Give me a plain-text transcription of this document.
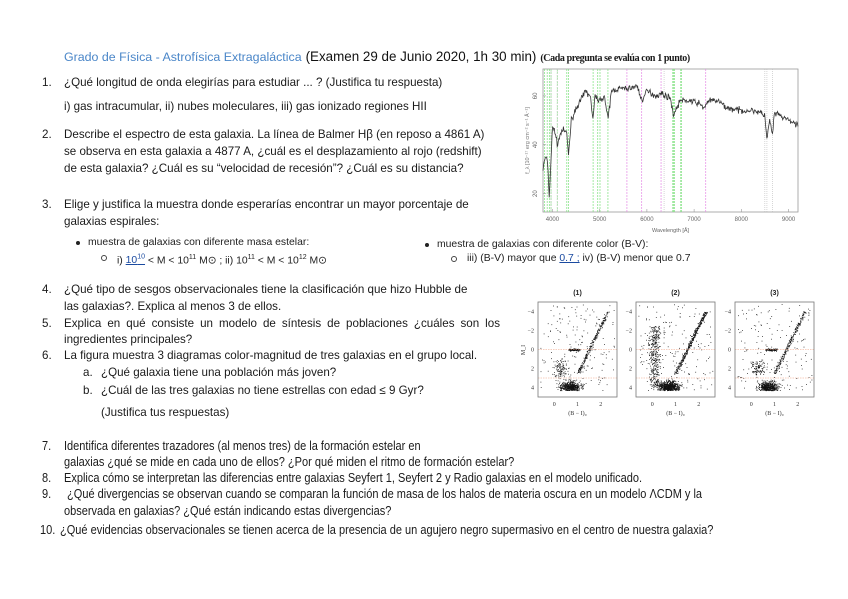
Grado de Física - Astrofísica Extragaláctica (Examen 29 de Junio 2020, 1h 30 min) (Cada pregunta se evalúa con 1 punto)
1. ¿Qué longitud de onda elegirías para estudiar ... ? (Justifica tu respuesta)
i) gas intracumular, ii) nubes moleculares, iii) gas ionizado regiones HII
2. Describe el espectro de esta galaxia. La línea de Balmer Hβ (en reposo a 4861 A)
se observa en esta galaxia a 4877 A, ¿cuál es el desplazamiento al rojo (redshift)
de esta galaxia? ¿Cuál es su “velocidad de recesión”? ¿Cuál es su distancia?
3. Elige y justifica la muestra donde esperarías encontrar un mayor porcentaje de
galaxias espirales:
muestra de galaxias con diferente masa estelar:
i) $10^{10} < M < 10^{11}$ M⊙ ; ii) $10^{11} < M < 10^{12}$ M⊙
muestra de galaxias con diferente color (B-V):
iii) (B-V) mayor que 0.7 ; iv) (B-V) menor que 0.7
4. ¿Qué tipo de sesgos observacionales tiene la clasificación que hizo Hubble de
las galaxias?. Explica al menos 3 de ellos.
5. Explica en qué consiste un modelo de síntesis de poblaciones ¿cuáles son los
ingredientes principales?
6. La figura muestra 3 diagramas color-magnitud de tres galaxias en el grupo local.
a. ¿Qué galaxia tiene una población más joven?
b. ¿Cuál de las tres galaxias no tiene estrellas con edad ≤ 9 Gyr?
(Justifica tus respuestas)
7. Identifica diferentes trazadores (al menos tres) de la formación estelar en
galaxias ¿qué se mide en cada uno de ellos? ¿Por qué miden el ritmo de formación estelar?
8. Explica cómo se interpretan las diferencias entre galaxias Seyfert 1, Seyfert 2 y Radio galaxias en el modelo unificado.
9. ¿Qué divergencias se observan cuando se comparan la función de masa de los halos de materia oscura en un modelo ΛCDM y la
observada en galaxias? ¿Qué están indicando estas divergencias?
10. ¿Qué evidencias observacionales se tienen acerca de la presencia de un agujero negro supermasivo en el centro de nuestra galaxia?
4000	5000	6000	7000	8000	9000
20
40
60
Wavelength [Å]
f_λ [10⁻¹⁷ erg cm⁻² s⁻¹ Å⁻¹]
(1)
0	1	2
−4
−2
0
2
4
(B − I)₀
(2)
0	1	2
−4
−2
0
2
4
(B − I)₀
(3)
0	1	2
−4
−2
0
2
4
(B − I)₀
M_I
